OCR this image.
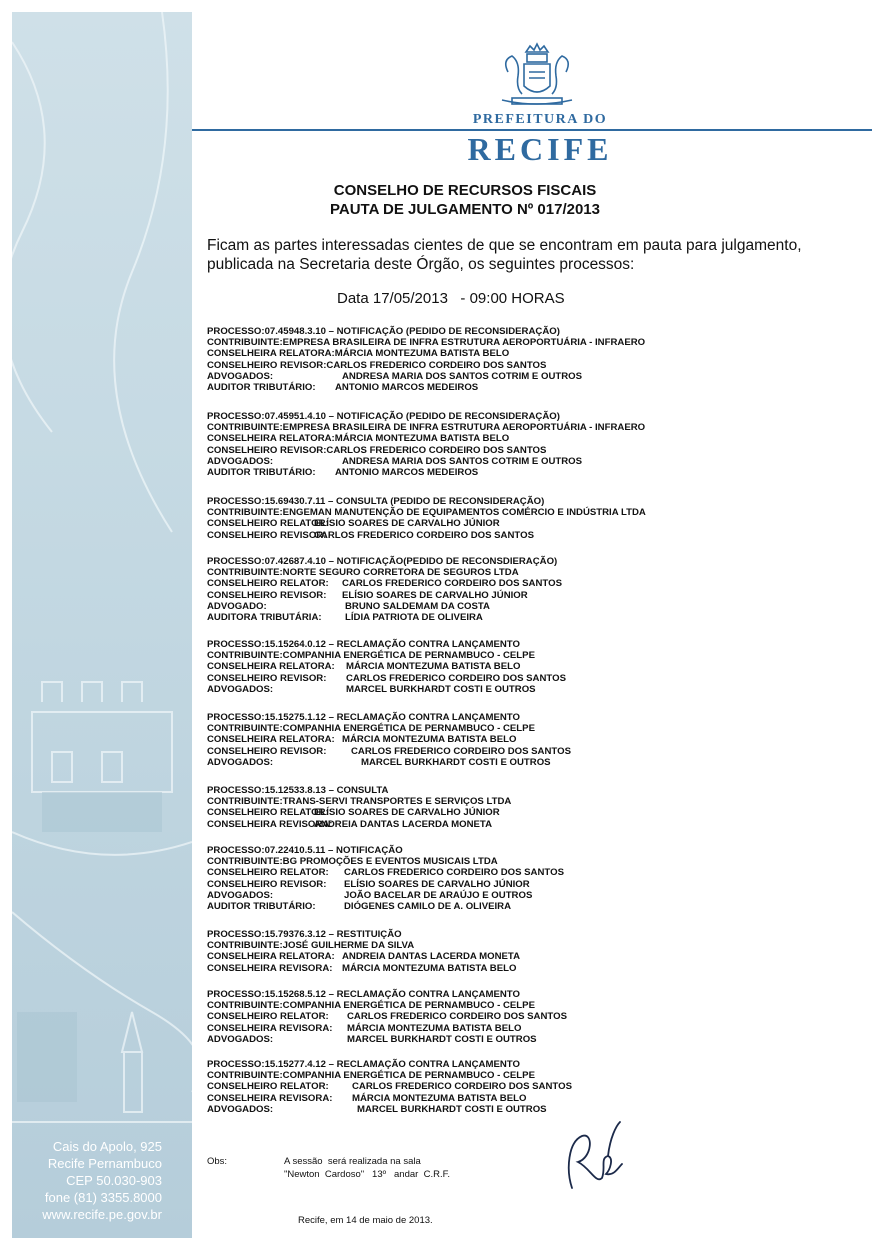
Cais do Apolo, 925
Recife Pernambuco
CEP 50.030-903
fone (81) 3355.8000
www.recife.pe.gov.br
PREFEITURA DO
RECIFE
CONSELHO DE RECURSOS FISCAIS
PAUTA DE JULGAMENTO Nº 017/2013
Ficam as partes interessadas cientes de que se encontram em pauta para julgamento,
publicada na Secretaria deste Órgão, os seguintes processos:
Data 17/05/2013   - 09:00 HORAS
PROCESSO:07.45948.3.10 – NOTIFICAÇÃO (PEDIDO DE RECONSIDERAÇÃO)
CONTRIBUINTE:EMPRESA BRASILEIRA DE INFRA ESTRUTURA AEROPORTUÁRIA - INFRAERO
CONSELHEIRA RELATORA:MÁRCIA MONTEZUMA BATISTA BELO
CONSELHEIRO REVISOR:CARLOS FREDERICO CORDEIRO DOS SANTOS
ADVOGADOS:	ANDRESA MARIA DOS SANTOS COTRIM E OUTROS
AUDITOR TRIBUTÁRIO: ANTONIO MARCOS MEDEIROS
PROCESSO:07.45951.4.10 – NOTIFICAÇÃO (PEDIDO DE RECONSIDERAÇÃO)
CONTRIBUINTE:EMPRESA BRASILEIRA DE INFRA ESTRUTURA AEROPORTUÁRIA - INFRAERO
CONSELHEIRA RELATORA:MÁRCIA MONTEZUMA BATISTA BELO
CONSELHEIRO REVISOR:CARLOS FREDERICO CORDEIRO DOS SANTOS
ADVOGADOS:	ANDRESA MARIA DOS SANTOS COTRIM E OUTROS
AUDITOR TRIBUTÁRIO: ANTONIO MARCOS MEDEIROS
PROCESSO:15.69430.7.11 – CONSULTA (PEDIDO DE RECONSIDERAÇÃO)
CONTRIBUINTE:ENGEMAN MANUTENÇÃO DE EQUIPAMENTOS COMÉRCIO E INDÚSTRIA LTDA
CONSELHEIRO RELATOR:
ELÍSIO SOARES DE CARVALHO JÚNIOR
CONSELHEIRO REVISOR:
CARLOS FREDERICO CORDEIRO DOS SANTOS
PROCESSO:07.42687.4.10 – NOTIFICAÇÃO(PEDIDO DE RECONSDIERAÇÃO)
CONTRIBUINTE:NORTE SEGURO CORRETORA DE SEGUROS LTDA
CONSELHEIRO RELATOR: CARLOS FREDERICO CORDEIRO DOS SANTOS
CONSELHEIRO REVISOR: ELÍSIO SOARES DE CARVALHO JÚNIOR
ADVOGADO:	BRUNO SALDEMAM DA COSTA
AUDITORA TRIBUTÁRIA: LÍDIA PATRIOTA DE OLIVEIRA
PROCESSO:15.15264.0.12 – RECLAMAÇÃO CONTRA LANÇAMENTO
CONTRIBUINTE:COMPANHIA ENERGÉTICA DE PERNAMBUCO - CELPE
CONSELHEIRA RELATORA: MÁRCIA MONTEZUMA BATISTA BELO
CONSELHEIRO REVISOR: CARLOS FREDERICO CORDEIRO DOS SANTOS
ADVOGADOS:	MARCEL BURKHARDT COSTI E OUTROS
PROCESSO:15.15275.1.12 – RECLAMAÇÃO CONTRA LANÇAMENTO
CONTRIBUINTE:COMPANHIA ENERGÉTICA DE PERNAMBUCO - CELPE
CONSELHEIRA RELATORA: MÁRCIA MONTEZUMA BATISTA BELO
CONSELHEIRO REVISOR:	CARLOS FREDERICO CORDEIRO DOS SANTOS
ADVOGADOS:	MARCEL BURKHARDT COSTI E OUTROS
PROCESSO:15.12533.8.13 – CONSULTA
CONTRIBUINTE:TRANS-SERVI TRANSPORTES E SERVIÇOS LTDA
CONSELHEIRO RELATOR:
ELÍSIO SOARES DE CARVALHO JÚNIOR
CONSELHEIRA REVISORA:
ANDREIA DANTAS LACERDA MONETA
PROCESSO:07.22410.5.11 – NOTIFICAÇÃO
CONTRIBUINTE:BG PROMOÇÕES E EVENTOS MUSICAIS LTDA
CONSELHEIRO RELATOR: CARLOS FREDERICO CORDEIRO DOS SANTOS
CONSELHEIRO REVISOR: ELÍSIO SOARES DE CARVALHO JÚNIOR
ADVOGADOS:	JOÃO BACELAR DE ARAÚJO E OUTROS
AUDITOR TRIBUTÁRIO:	DIÓGENES CAMILO DE A. OLIVEIRA
PROCESSO:15.79376.3.12 – RESTITUIÇÃO
CONTRIBUINTE:JOSÉ GUILHERME DA SILVA
CONSELHEIRA RELATORA: ANDREIA DANTAS LACERDA MONETA
CONSELHEIRA REVISORA: MÁRCIA MONTEZUMA BATISTA BELO
PROCESSO:15.15268.5.12 – RECLAMAÇÃO CONTRA LANÇAMENTO
CONTRIBUINTE:COMPANHIA ENERGÉTICA DE PERNAMBUCO - CELPE
CONSELHEIRO RELATOR: CARLOS FREDERICO CORDEIRO DOS SANTOS
CONSELHEIRA REVISORA: MÁRCIA MONTEZUMA BATISTA BELO
ADVOGADOS:	MARCEL BURKHARDT COSTI E OUTROS
PROCESSO:15.15277.4.12 – RECLAMAÇÃO CONTRA LANÇAMENTO
CONTRIBUINTE:COMPANHIA ENERGÉTICA DE PERNAMBUCO - CELPE
CONSELHEIRO RELATOR: CARLOS FREDERICO CORDEIRO DOS SANTOS
CONSELHEIRA REVISORA: MÁRCIA MONTEZUMA BATISTA BELO
ADVOGADOS:	MARCEL BURKHARDT COSTI E OUTROS
Obs:	A sessão  será realizada na sala
"Newton  Cardoso"   13º   andar  C.R.F.
Recife, em 14 de maio de 2013.
